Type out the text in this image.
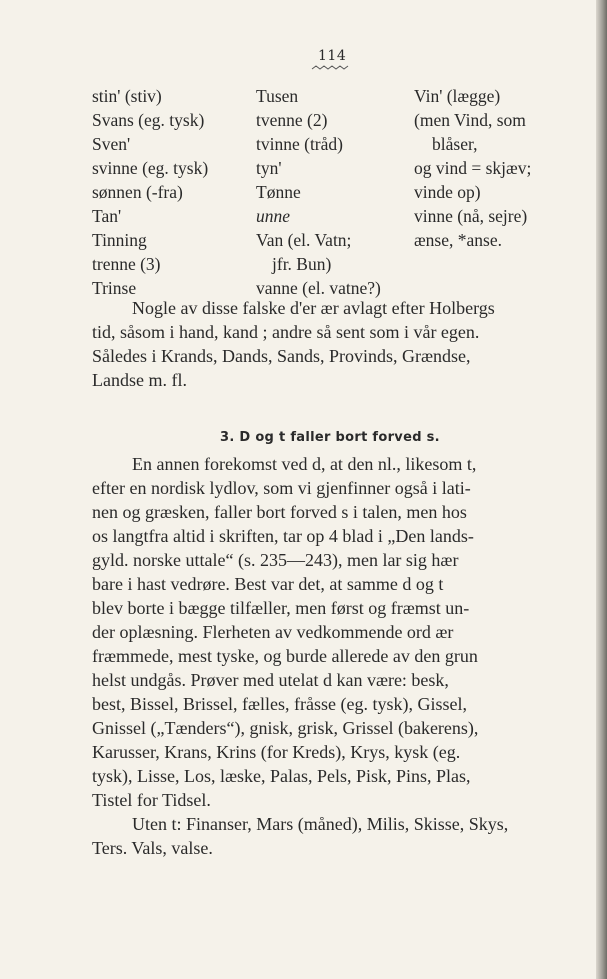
114
stin' (stiv)
Svans (eg. tysk)
Sven'
svinne (eg. tysk)
sønnen (-fra)
Tan'
Tinning
trenne (3)
Trinse
Tusen
tvenne (2)
tvinne (tråd)
tyn'
Tønne
unne
Van (el. Vatn;
jfr. Bun)
vanne (el. vatne?)
Vin' (lægge)
(men Vind, som
blåser,
og vind = skjæv;
vinde op)
vinne (nå, sejre)
ænse, *anse.
Nogle av disse falske d'er ær avlagt efter Holbergs
tid, såsom i hand, kand ; andre så sent som i vår egen.
Således i Krands, Dands, Sands, Provinds, Grændse,
Landse m. fl.
3. D og t faller bort forved s.
En annen forekomst ved d, at den nl., likesom t,
efter en nordisk lydlov, som vi gjenfinner også i lati-
nen og græsken, faller bort forved s i talen, men hos
os langtfra altid i skriften, tar op 4 blad i „Den lands-
gyld. norske uttale“ (s. 235—243), men lar sig hær
bare i hast vedrøre. Best var det, at samme d og t
blev borte i bægge tilfæller, men først og fræmst un-
der oplæsning. Flerheten av vedkommende ord ær
fræmmede, mest tyske, og burde allerede av den grun
helst undgås. Prøver med utelat d kan være: besk,
best, Bissel, Brissel, fælles, fråsse (eg. tysk), Gissel,
Gnissel („Tænders“), gnisk, grisk, Grissel (bakerens),
Karusser, Krans, Krins (for Kreds), Krys, kysk (eg.
tysk), Lisse, Los, læske, Palas, Pels, Pisk, Pins, Plas,
Tistel for Tidsel.
Uten t: Finanser, Mars (måned), Milis, Skisse, Skys,
Ters. Vals, valse.
